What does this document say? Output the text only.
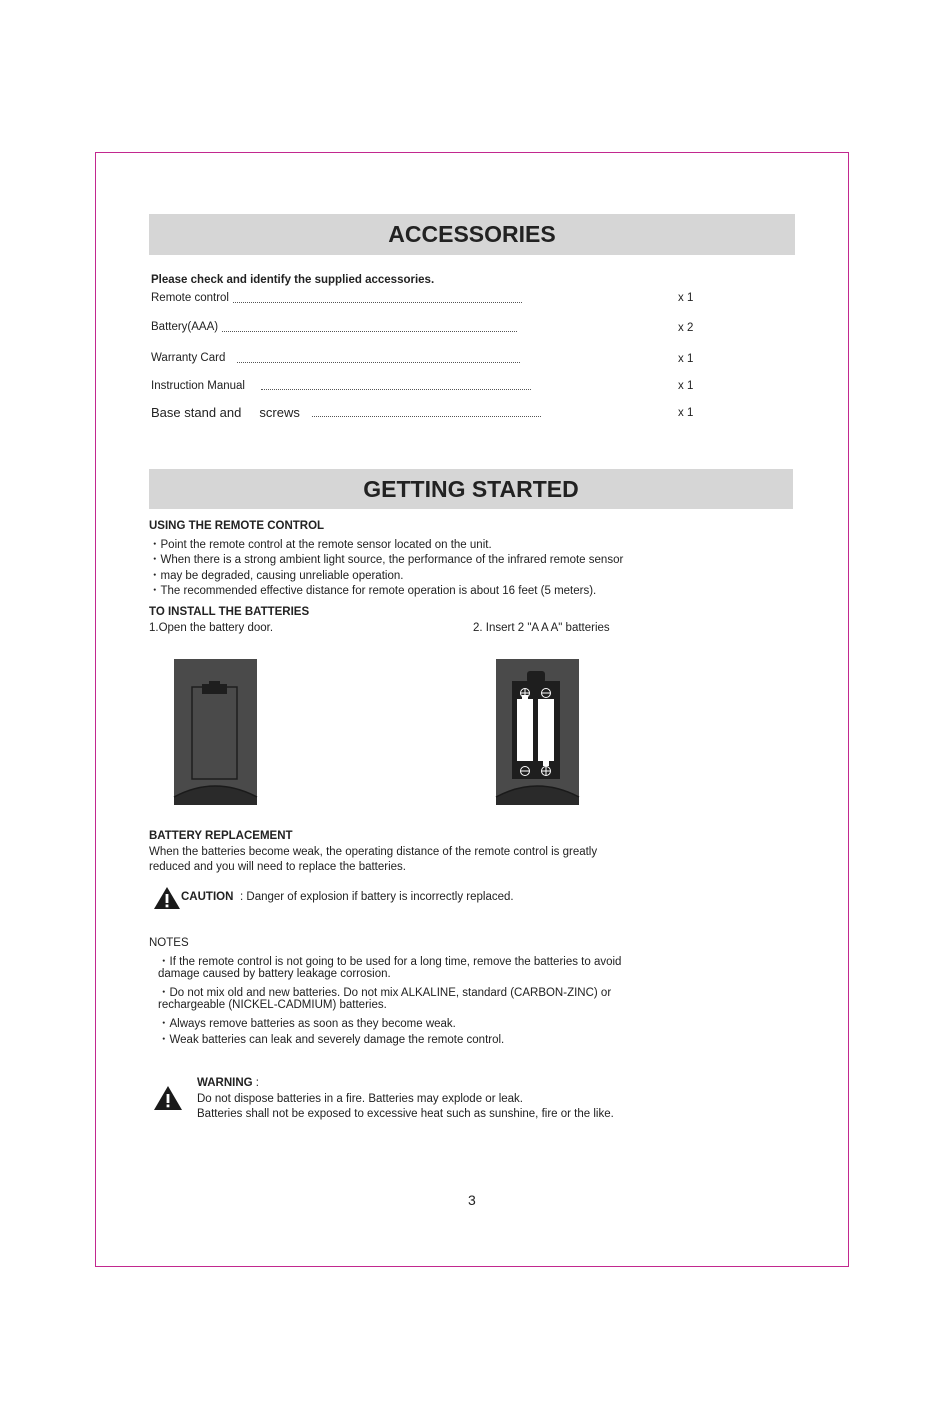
ACCESSORIES
Please check and identify the supplied accessories.
Remote control	x 1
Battery(AAA)	x 2
Warranty Card	x 1
Instruction Manual	x 1
Base stand and     screws	x 1
GETTING STARTED
USING THE REMOTE CONTROL
・Point the remote control at the remote sensor located on the unit.
・When there is a strong ambient light source, the performance of the infrared remote sensor
・may be degraded, causing unreliable operation.
・The recommended effective distance for remote operation is about 16 feet (5 meters).
TO INSTALL THE BATTERIES
1.Open the battery door.	2. Insert 2 "A A A" batteries
BATTERY REPLACEMENT
When the batteries become weak, the operating distance of the remote control is greatly
reduced and you will need to replace the batteries.
CAUTION : Danger of explosion if battery is incorrectly replaced.
NOTES
・If the remote control is not going to be used for a long time, remove the batteries to avoid
damage caused by battery leakage corrosion.
・Do not mix old and new batteries. Do not mix ALKALINE, standard (CARBON-ZINC) or
rechargeable (NICKEL-CADMIUM) batteries.
・Always remove batteries as soon as they become weak.
・Weak batteries can leak and severely damage the remote control.
WARNING :
Do not dispose batteries in a fire. Batteries may explode or leak.
Batteries shall not be exposed to excessive heat such as sunshine, fire or the like.
3
